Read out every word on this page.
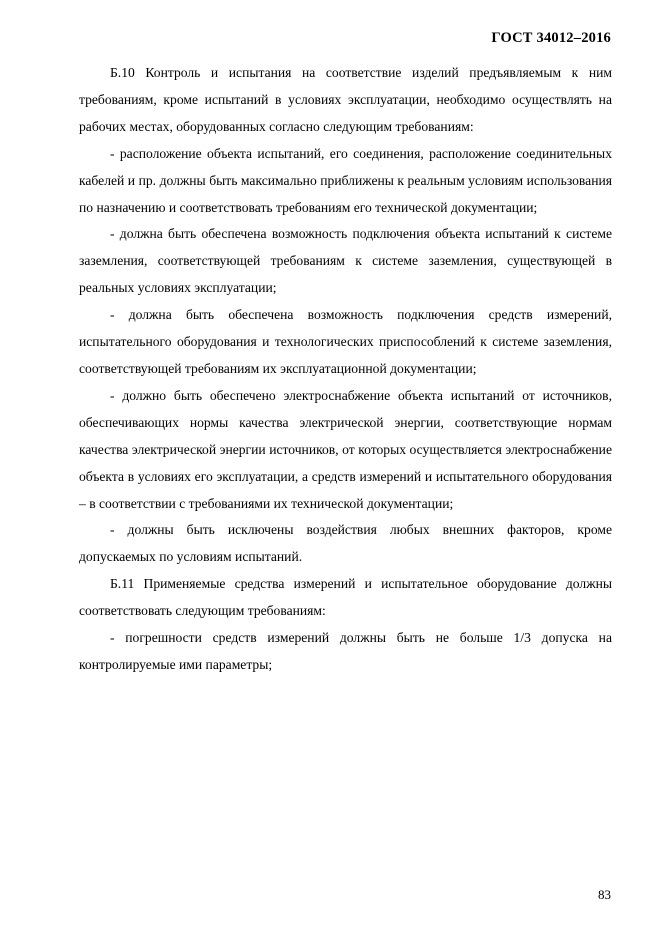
ГОСТ 34012–2016

Б.10 Контроль и испытания на соответствие изделий предъявляемым к ним требованиям, кроме испытаний в условиях эксплуатации, необходимо осуществлять на рабочих местах, оборудованных согласно следующим требованиям:

- расположение объекта испытаний, его соединения, расположение соединительных кабелей и пр. должны быть максимально приближены к реальным условиям использования по назначению и соответствовать требованиям его технической документации;

- должна быть обеспечена возможность подключения объекта испытаний к системе заземления, соответствующей требованиям к системе заземления, существующей в реальных условиях эксплуатации;

- должна быть обеспечена возможность подключения средств измерений, испытательного оборудования и технологических приспособлений к системе заземления, соответствующей требованиям их эксплуатационной документации;

- должно быть обеспечено электроснабжение объекта испытаний от источников, обеспечивающих нормы качества электрической энергии, соответствующие нормам качества электрической энергии источников, от которых осуществляется электроснабжение объекта в условиях его эксплуатации, а средств измерений и испытательного оборудования – в соответствии с требованиями их технической документации;

- должны быть исключены воздействия любых внешних факторов, кроме допускаемых по условиям испытаний.

Б.11 Применяемые средства измерений и испытательное оборудование должны соответствовать следующим требованиям:

- погрешности средств измерений должны быть не больше 1/3 допуска на контролируемые ими параметры;

83
